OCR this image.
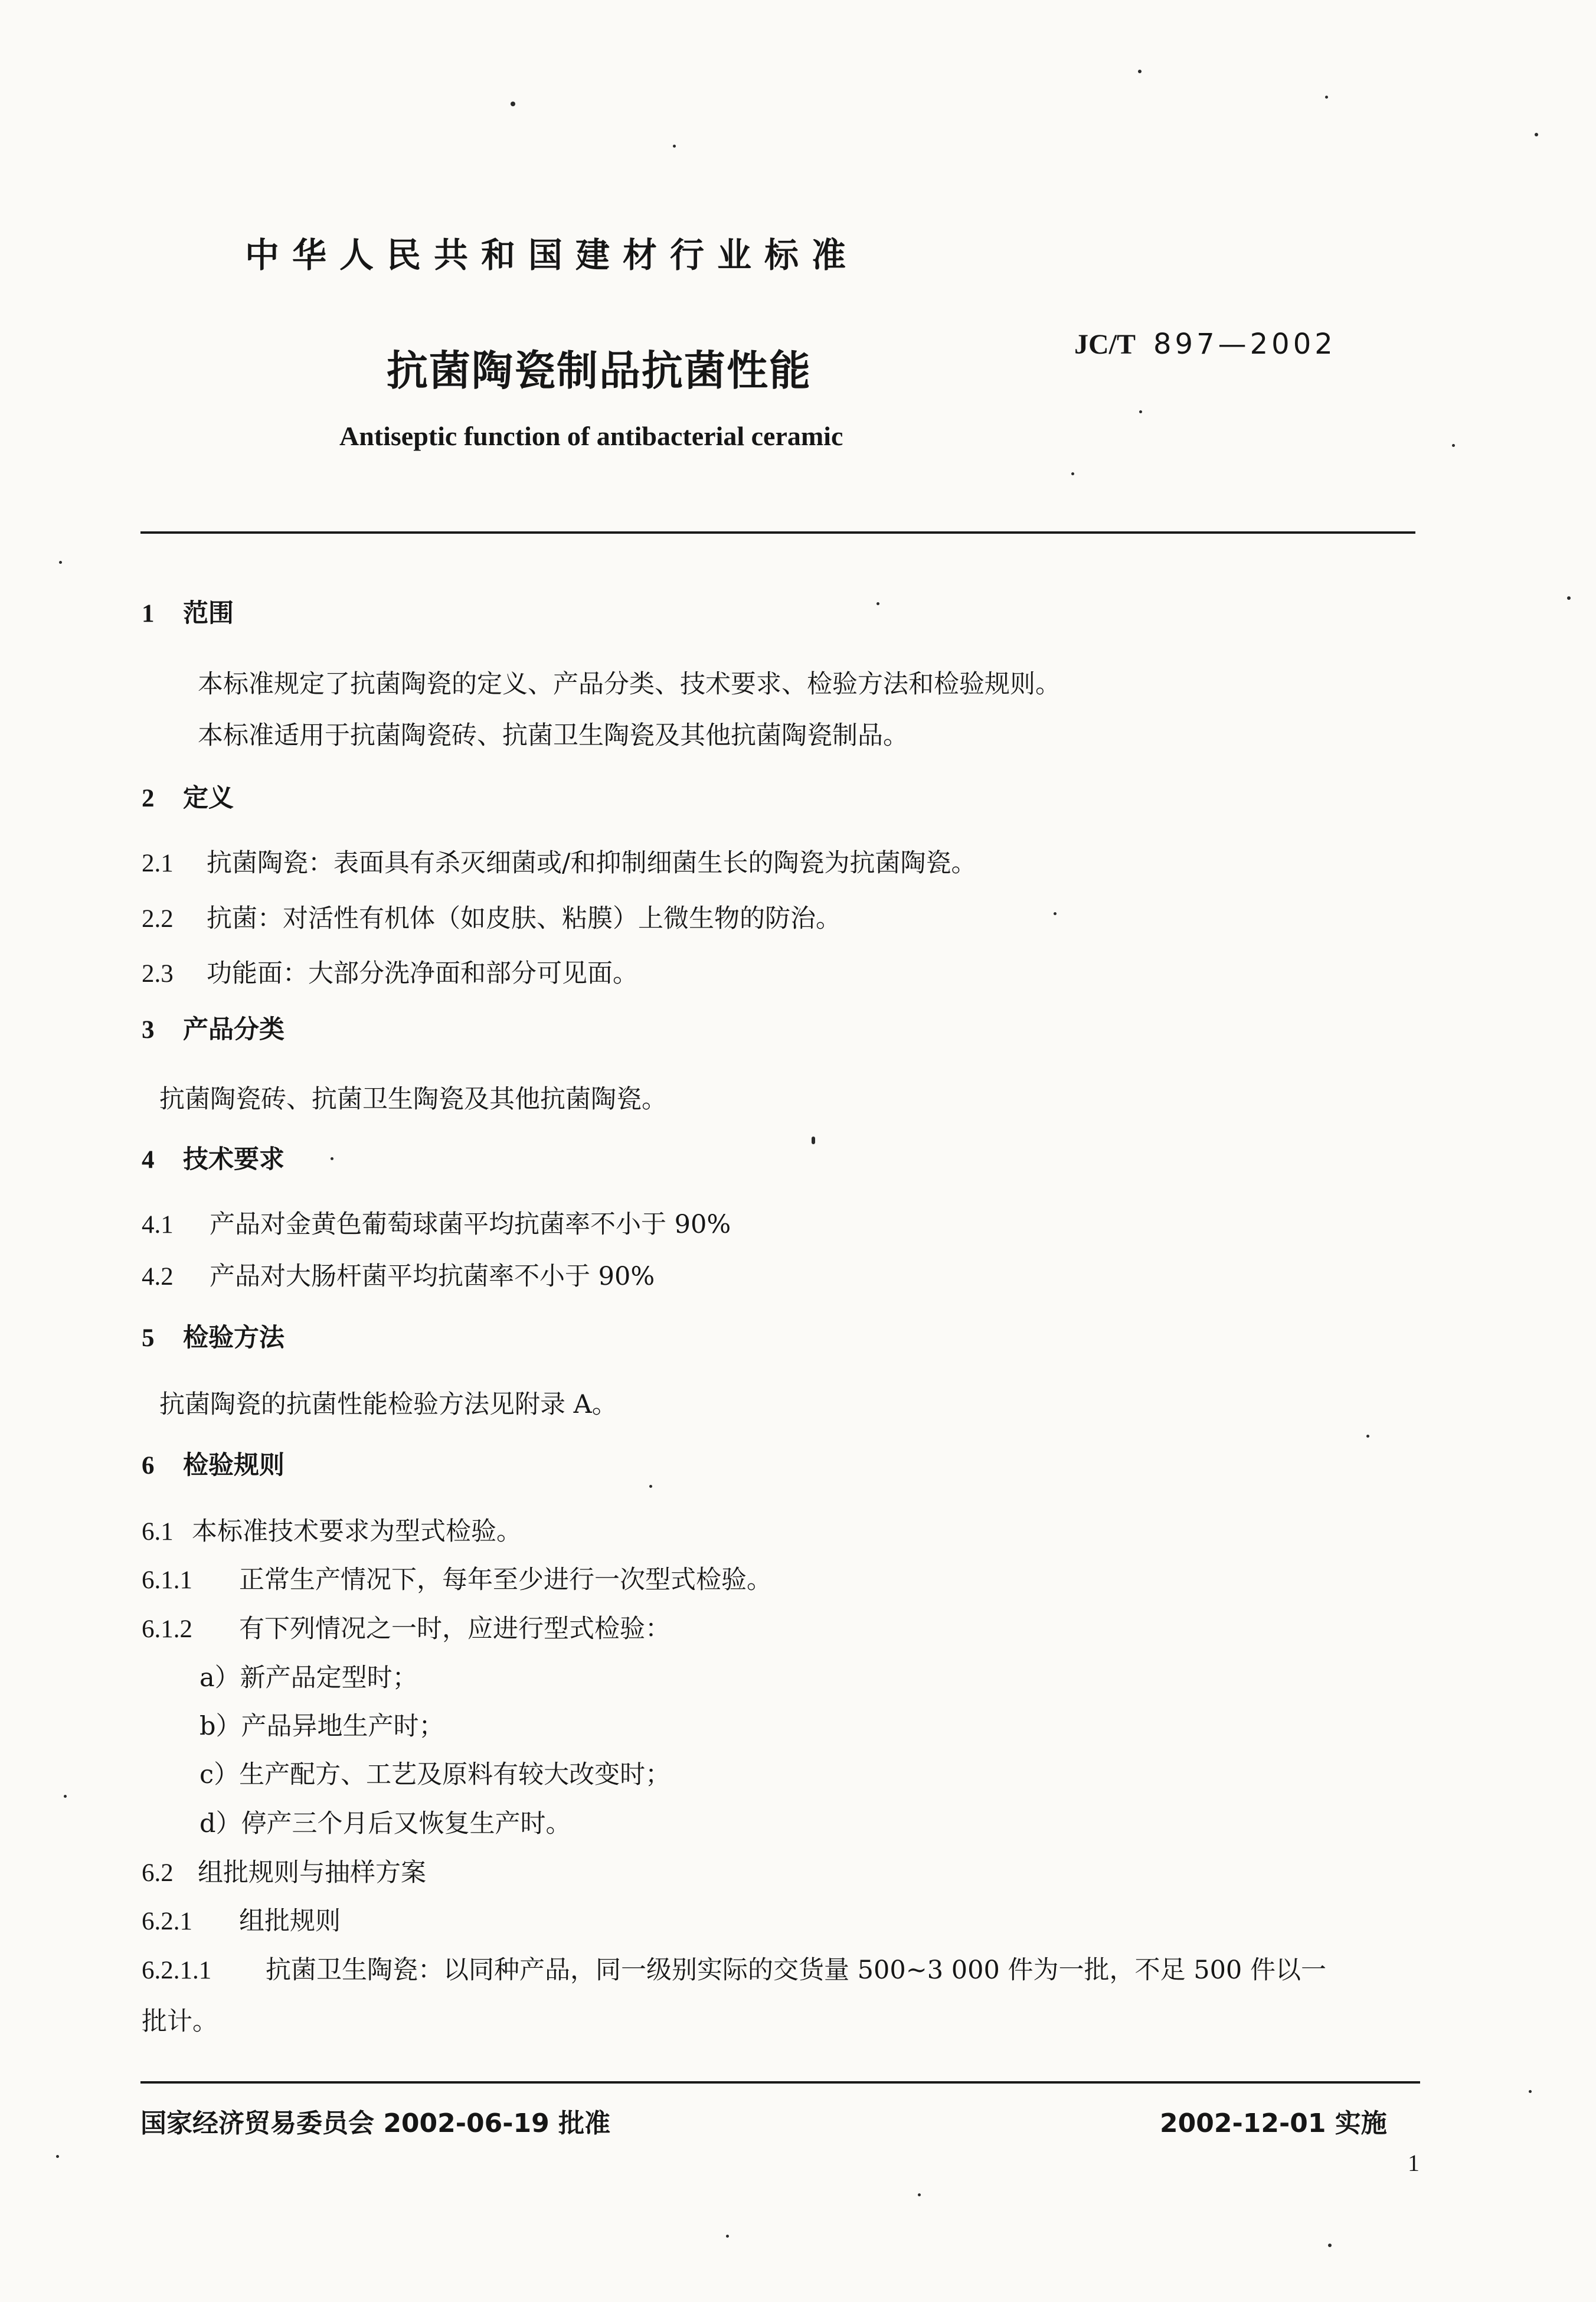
中华人民共和国建材行业标准
抗菌陶瓷制品抗菌性能
JC/T 897—2002
Antiseptic function of antibacterial ceramic
1 范围
本标准规定了抗菌陶瓷的定义、产品分类、技术要求、检验方法和检验规则。
本标准适用于抗菌陶瓷砖、抗菌卫生陶瓷及其他抗菌陶瓷制品。
2 定义
2.1 抗菌陶瓷：表面具有杀灭细菌或/和抑制细菌生长的陶瓷为抗菌陶瓷。
2.2 抗菌：对活性有机体（如皮肤、粘膜）上微生物的防治。
2.3 功能面：大部分洗净面和部分可见面。
3 产品分类
抗菌陶瓷砖、抗菌卫生陶瓷及其他抗菌陶瓷。
4 技术要求
4.1 产品对金黄色葡萄球菌平均抗菌率不小于 90%
4.2 产品对大肠杆菌平均抗菌率不小于 90%
5 检验方法
抗菌陶瓷的抗菌性能检验方法见附录 A。
6 检验规则
6.1 本标准技术要求为型式检验。
6.1.1 正常生产情况下，每年至少进行一次型式检验。
6.1.2 有下列情况之一时，应进行型式检验：
a）新产品定型时；
b）产品异地生产时；
c）生产配方、工艺及原料有较大改变时；
d）停产三个月后又恢复生产时。
6.2 组批规则与抽样方案
6.2.1 组批规则
6.2.1.1 抗菌卫生陶瓷：以同种产品，同一级别实际的交货量 500~3 000 件为一批，不足 500 件以一
批计。
国家经济贸易委员会 2002-06-19 批准	2002-12-01 实施
1
